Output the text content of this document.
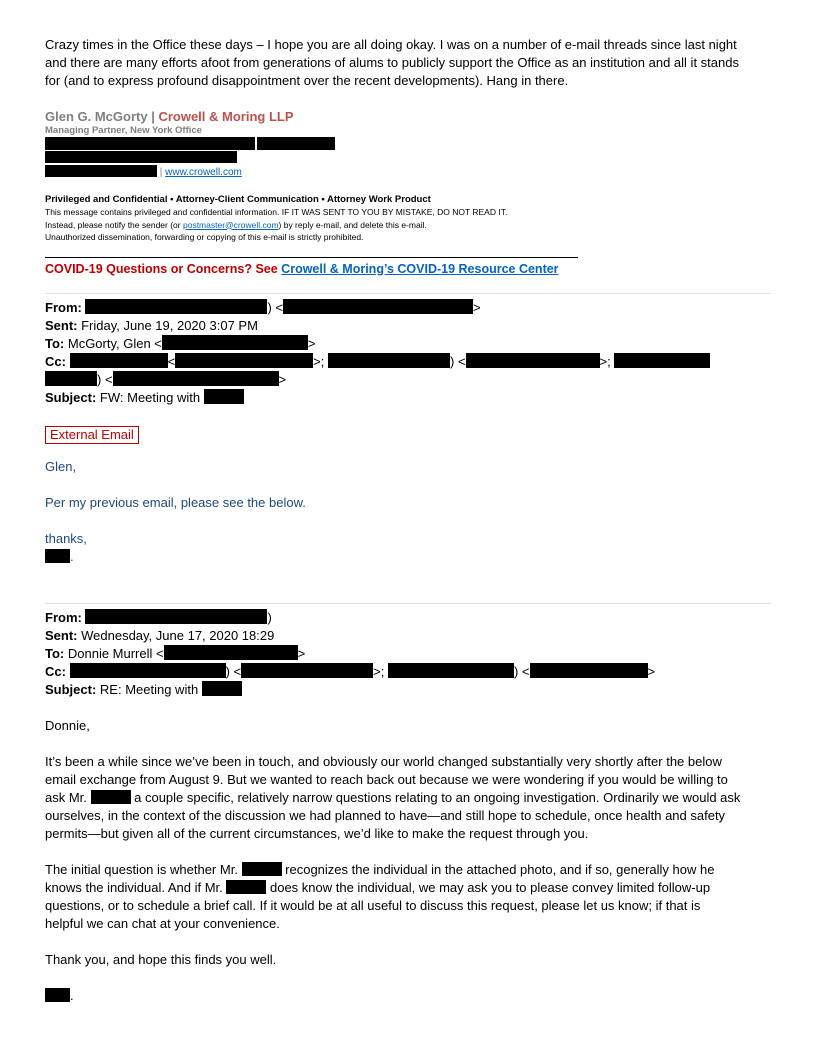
Crazy times in the Office these days – I hope you are all doing okay. I was on a number of e-mail threads since last night

and there are many efforts afoot from generations of alums to publicly support the Office as an institution and all it stands

for (and to express profound disappointment over the recent developments). Hang in there.

Glen G. McGorty | Crowell & Moring LLP
Managing Partner, New York Office
| www.crowell.com
Privileged and Confidential • Attorney-Client Communication • Attorney Work Product
This message contains privileged and confidential information. IF IT WAS SENT TO YOU BY MISTAKE, DO NOT READ IT.
Instead, please notify the sender (or postmaster@crowell.com) by reply e-mail, and delete this e-mail.
Unauthorized dissemination, forwarding or copying of this e-mail is strictly prohibited.
COVID-19 Questions or Concerns? See Crowell & Moring’s COVID-19 Resource Center

From:	) <	>

Sent: Friday, June 19, 2020 3:07 PM

To: McGorty, Glen <	>

Cc:	<	>;	) <	>;

) <	>

Subject: FW: Meeting with

External Email

Glen,

Per my previous email, please see the below.

thanks,

.

From:	)

Sent: Wednesday, June 17, 2020 18:29

To: Donnie Murrell <	>

Cc:	) <	>;	) <	>

Subject: RE: Meeting with

Donnie,

It’s been a while since we’ve been in touch, and obviously our world changed substantially very shortly after the below

email exchange from August 9. But we wanted to reach back out because we were wondering if you would be willing to

ask Mr.	a couple specific, relatively narrow questions relating to an ongoing investigation. Ordinarily we would ask

ourselves, in the context of the discussion we had planned to have—and still hope to schedule, once health and safety

permits—but given all of the current circumstances, we’d like to make the request through you.

The initial question is whether Mr.	recognizes the individual in the attached photo, and if so, generally how he

knows the individual. And if Mr.	does know the individual, we may ask you to please convey limited follow-up

questions, or to schedule a brief call. If it would be at all useful to discuss this request, please let us know; if that is

helpful we can chat at your convenience.

Thank you, and hope this finds you well.

.
